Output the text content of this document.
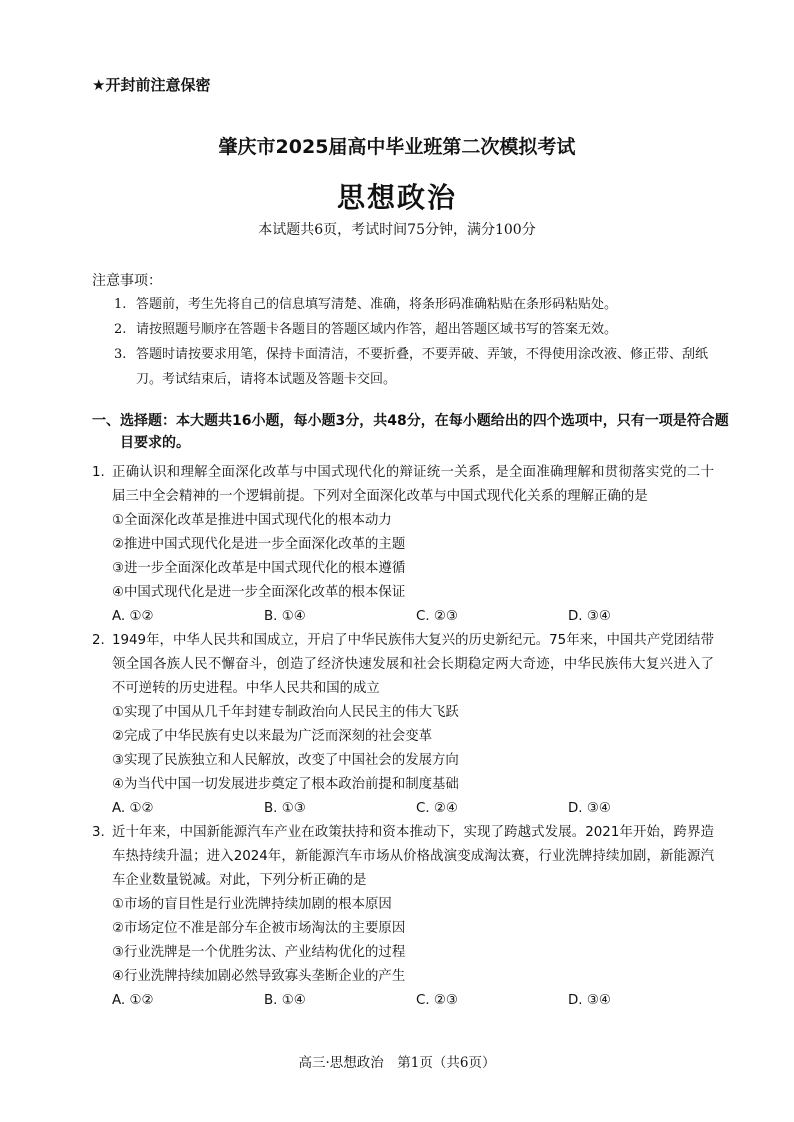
★开封前注意保密
肇庆市2025届高中毕业班第二次模拟考试
思想政治
本试题共6页，考试时间75分钟，满分100分
注意事项：
1. 答题前，考生先将自己的信息填写清楚、准确，将条形码准确粘贴在条形码粘贴处。
2. 请按照题号顺序在答题卡各题目的答题区域内作答，超出答题区域书写的答案无效。
3. 答题时请按要求用笔，保持卡面清洁，不要折叠，不要弄破、弄皱，不得使用涂改液、修正带、刮纸刀。考试结束后，请将本试题及答题卡交回。
一、选择题：本大题共16小题，每小题3分，共48分，在每小题给出的四个选项中，只有一项是符合题目要求的。
1. 正确认识和理解全面深化改革与中国式现代化的辩证统一关系，是全面准确理解和贯彻落实党的二十届三中全会精神的一个逻辑前提。下列对全面深化改革与中国式现代化关系的理解正确的是
①全面深化改革是推进中国式现代化的根本动力
②推进中国式现代化是进一步全面深化改革的主题
③进一步全面深化改革是中国式现代化的根本遵循
④中国式现代化是进一步全面深化改革的根本保证
A. ①②	B. ①④	C. ②③	D. ③④
2. 1949年，中华人民共和国成立，开启了中华民族伟大复兴的历史新纪元。75年来，中国共产党团结带领全国各族人民不懈奋斗，创造了经济快速发展和社会长期稳定两大奇迹，中华民族伟大复兴进入了不可逆转的历史进程。中华人民共和国的成立
①实现了中国从几千年封建专制政治向人民民主的伟大飞跃
②完成了中华民族有史以来最为广泛而深刻的社会变革
③实现了民族独立和人民解放，改变了中国社会的发展方向
④为当代中国一切发展进步奠定了根本政治前提和制度基础
A. ①②	B. ①③	C. ②④	D. ③④
3. 近十年来，中国新能源汽车产业在政策扶持和资本推动下，实现了跨越式发展。2021年开始，跨界造车热持续升温；进入2024年，新能源汽车市场从价格战演变成淘汰赛，行业洗牌持续加剧，新能源汽车企业数量锐减。对此，下列分析正确的是
①市场的盲目性是行业洗牌持续加剧的根本原因
②市场定位不准是部分车企被市场淘汰的主要原因
③行业洗牌是一个优胜劣汰、产业结构优化的过程
④行业洗牌持续加剧必然导致寡头垄断企业的产生
A. ①②	B. ①④	C. ②③	D. ③④
高三·思想政治　第1页（共6页）
